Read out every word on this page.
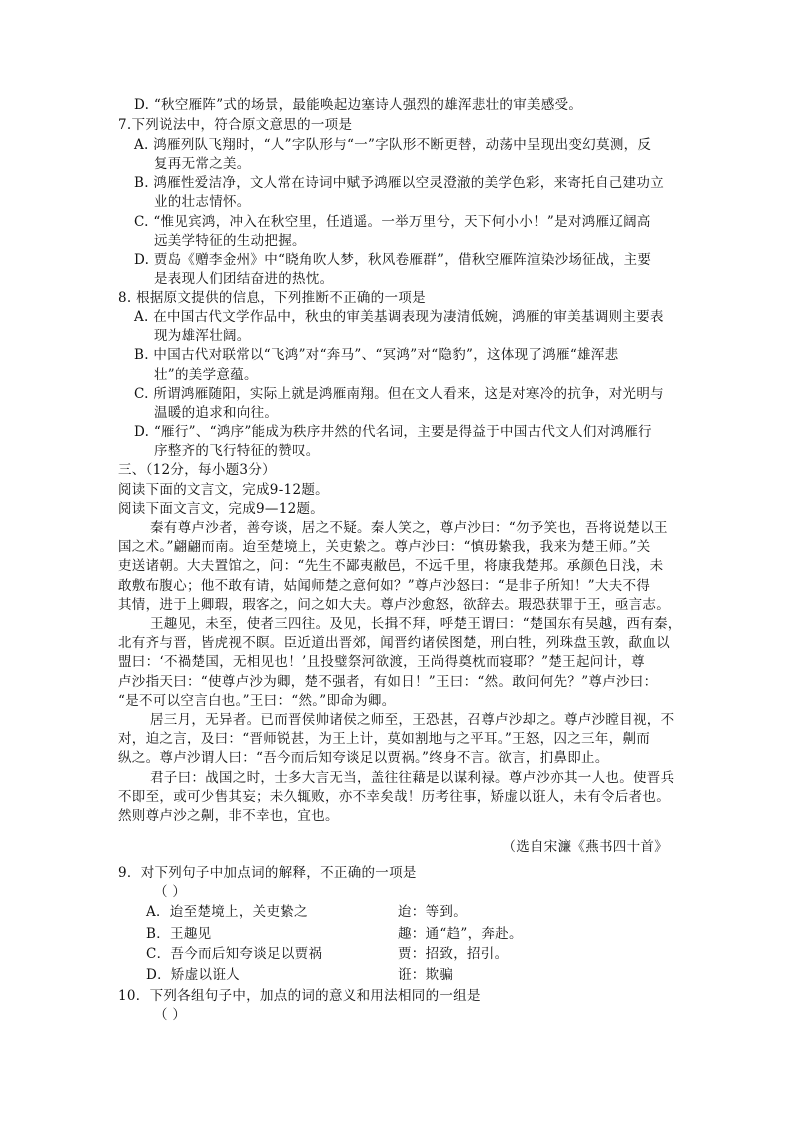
D. “秋空雁阵”式的场景，最能唤起边塞诗人强烈的雄浑悲壮的审美感受。
7.下列说法中，符合原文意思的一项是
A. 鸿雁列队飞翔时，“人”字队形与“一”字队形不断更替，动荡中呈现出变幻莫测，反
复再无常之美。
B. 鸿雁性爱洁净，文人常在诗词中赋予鸿雁以空灵澄澈的美学色彩，来寄托自己建功立
业的壮志情怀。
C. “惟见宾鸿，冲入在秋空里，任逍遥。一举万里兮，天下何小小！”是对鸿雁辽阔高
远美学特征的生动把握。
D. 贾岛《赠李金州》中“晓角吹人梦，秋风卷雁群”，借秋空雁阵渲染沙场征战，主要
是表现人们团结奋进的热忱。
8. 根据原文提供的信息，下列推断不正确的一项是
A. 在中国古代文学作品中，秋虫的审美基调表现为凄清低婉，鸿雁的审美基调则主要表
现为雄浑壮阔。
B. 中国古代对联常以“飞鸿”对“奔马”、“冥鸿”对“隐豹”，这体现了鸿雁“雄浑悲
壮”的美学意蕴。
C. 所谓鸿雁随阳，实际上就是鸿雁南翔。但在文人看来，这是对寒冷的抗争，对光明与
温暖的追求和向往。
D. “雁行”、“鸿序”能成为秩序井然的代名词，主要是得益于中国古代文人们对鸿雁行
序整齐的飞行特征的赞叹。
三、（12分，每小题3分）
阅读下面的文言文，完成9-12题。
阅读下面文言文，完成9—12题。
秦有尊卢沙者，善夸谈，居之不疑。秦人笑之，尊卢沙曰：“勿予笑也，吾将说楚以王
国之术。”翩翩而南。迨至楚境上，关吏絷之。尊卢沙曰：“慎毋絷我，我来为楚王师。”关
吏送诸朝。大夫置馆之，问：“先生不鄙夷敝邑，不远千里，将康我楚邦。承颜色日浅，未
敢敷布腹心；他不敢有请，姑闻师楚之意何如？”尊卢沙怒曰：“是非子所知！”大夫不得
其情，进于上卿瑕，瑕客之，问之如大夫。尊卢沙愈怒，欲辞去。瑕恐获罪于王，亟言志。
王趣见，未至，使者三四往。及见，长揖不拜，呼楚王谓曰：“楚国东有吴越，西有秦，
北有齐与晋，皆虎视不瞑。臣近道出晋郊，闻晋约诸侯图楚，刑白牲，列珠盘玉敦，歃血以
盟曰：‘不禍楚国，无相见也！’且投璧祭河欲渡，王尚得奠枕而寝耶？”楚王起问计，尊
卢沙指天曰：“使尊卢沙为卿，楚不强者，有如日！”王曰：“然。敢问何先？”尊卢沙曰：
“是不可以空言白也。”王曰：“然。”即命为卿。
居三月，无异者。已而晋侯帅诸侯之师至，王恐甚，召尊卢沙却之。尊卢沙瞠目视，不
对，迫之言，及曰：“晋师锐甚，为王上计，莫如割地与之平耳。”王怒，囚之三年，劓而
纵之。尊卢沙谓人曰：“吾今而后知夸谈足以贾祸。”终身不言。欲言，扪鼻即止。
君子曰：战国之时，士多大言无当，盖往往藉是以谋利禄。尊卢沙亦其一人也。使晋兵
不即至，或可少售其妄；未久辄败，亦不幸矣哉！历考往事，矫虚以诳人，未有令后者也。
然则尊卢沙之劓，非不幸也，宜也。
（选自宋濂《燕书四十首》
9．对下列句子中加点词的解释，不正确的一项是
（ ）
A．迨至楚境上，关吏絷之	迨：等到。
B．王趣见	趣：通“趋”，奔赴。
C．吾今而后知夸谈足以贾祸	贾：招致，招引。
D．矫虚以诳人	诳：欺骗
10．下列各组句子中，加点的词的意义和用法相同的一组是
（ ）
